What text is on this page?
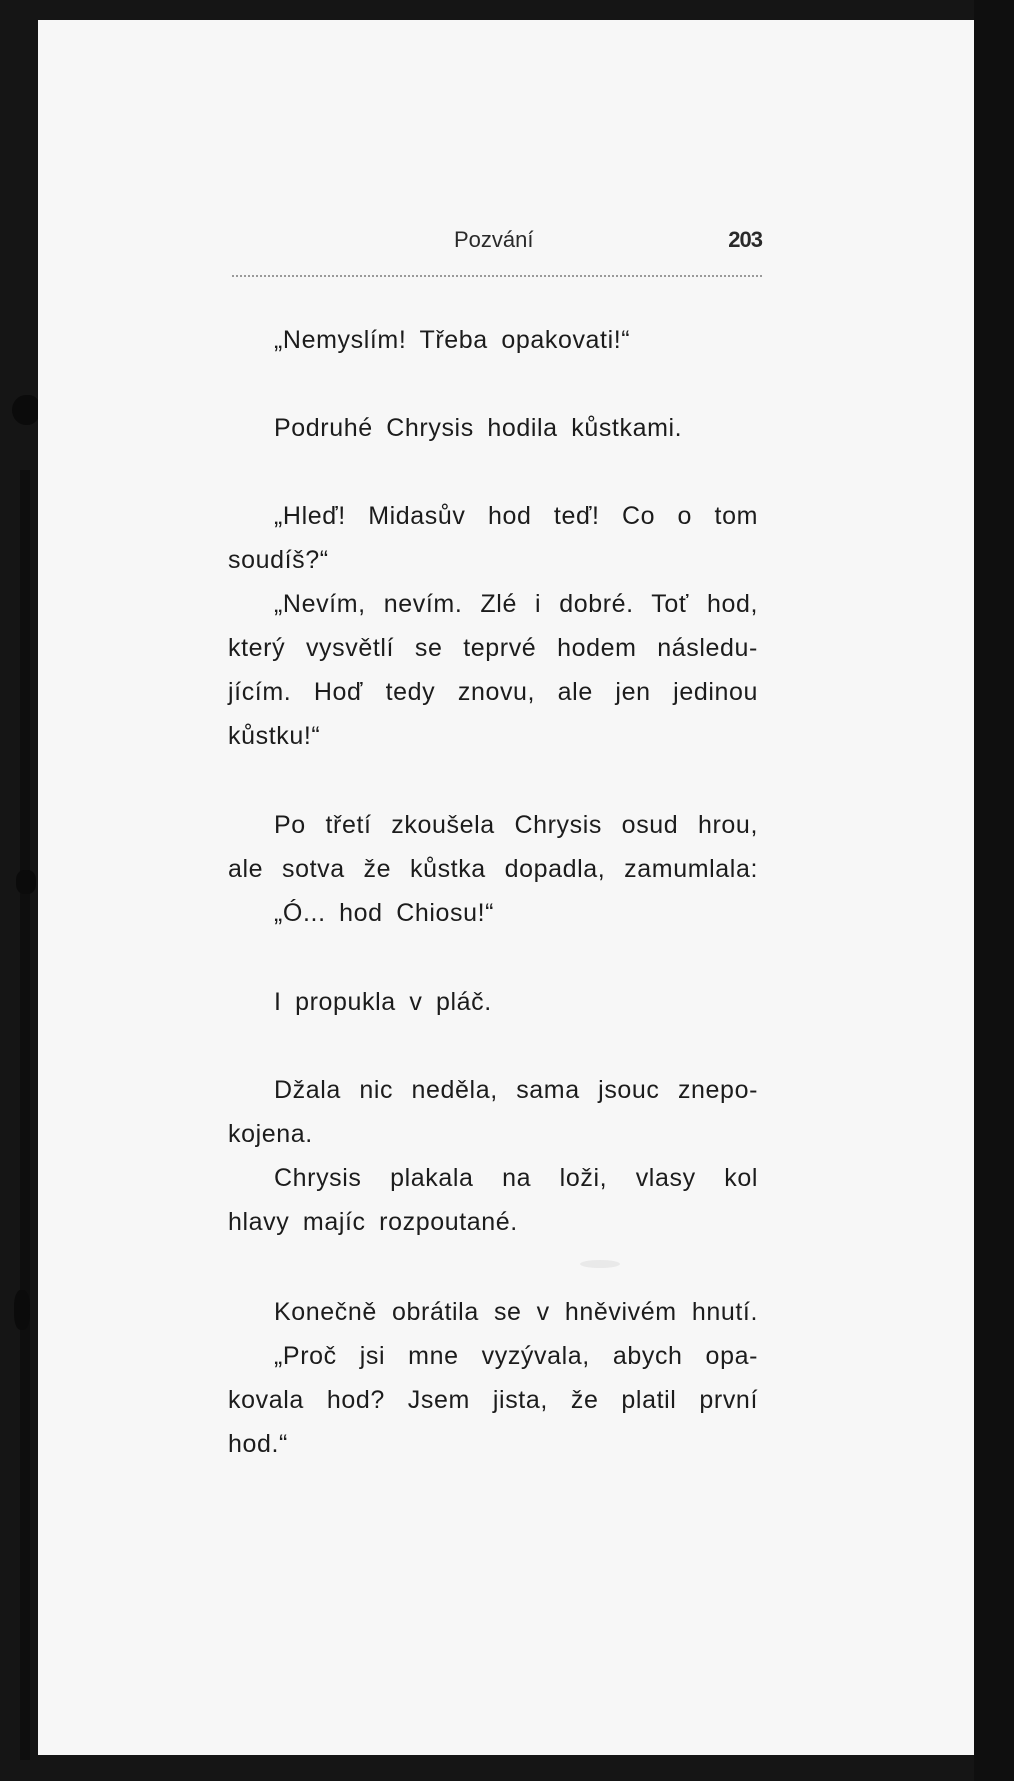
Pozvání	203
„Nemyslím! Třeba opakovati!“
Podruhé Chrysis hodila kůstkami.
„Hleď! Midasův hod teď! Co o tom
soudíš?“
„Nevím, nevím. Zlé i dobré. Toť hod,
který vysvětlí se teprvé hodem následu-
jícím. Hoď tedy znovu, ale jen jedinou
kůstku!“
Po třetí zkoušela Chrysis osud hrou,
ale sotva že kůstka dopadla, zamumlala:
„Ó... hod Chiosu!“
I propukla v pláč.
Džala nic neděla, sama jsouc znepo-
kojena.
Chrysis plakala na loži, vlasy kol
hlavy majíc rozpoutané.
Konečně obrátila se v hněvivém hnutí.
„Proč jsi mne vyzývala, abych opa-
kovala hod? Jsem jista, že platil první
hod.“
